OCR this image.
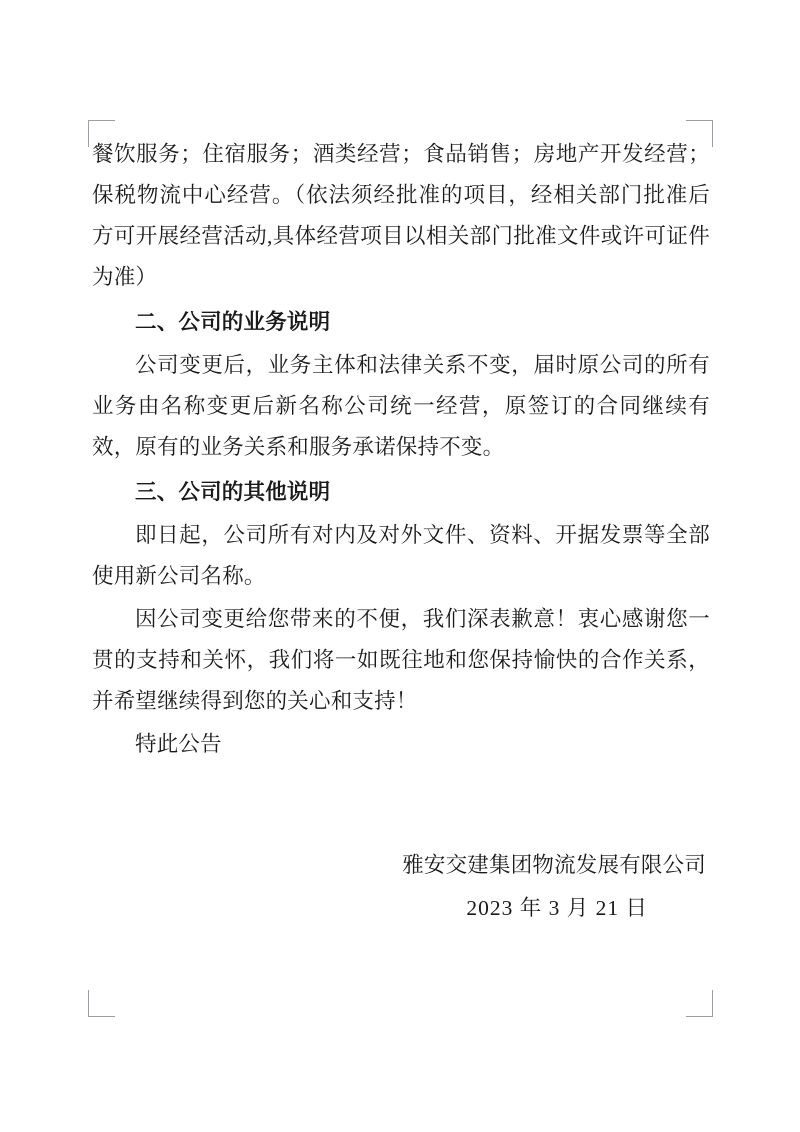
餐饮服务；住宿服务；酒类经营；食品销售；房地产开发经营；保税物流中心经营。（依法须经批准的项目，经相关部门批准后方可开展经营活动,具体经营项目以相关部门批准文件或许可证件为准）

二、公司的业务说明

公司变更后，业务主体和法律关系不变，届时原公司的所有业务由名称变更后新名称公司统一经营，原签订的合同继续有效，原有的业务关系和服务承诺保持不变。

三、公司的其他说明

即日起，公司所有对内及对外文件、资料、开据发票等全部使用新公司名称。

因公司变更给您带来的不便，我们深表歉意！衷心感谢您一贯的支持和关怀，我们将一如既往地和您保持愉快的合作关系，并希望继续得到您的关心和支持！

特此公告

雅安交建集团物流发展有限公司

2023 年 3 月 21 日
